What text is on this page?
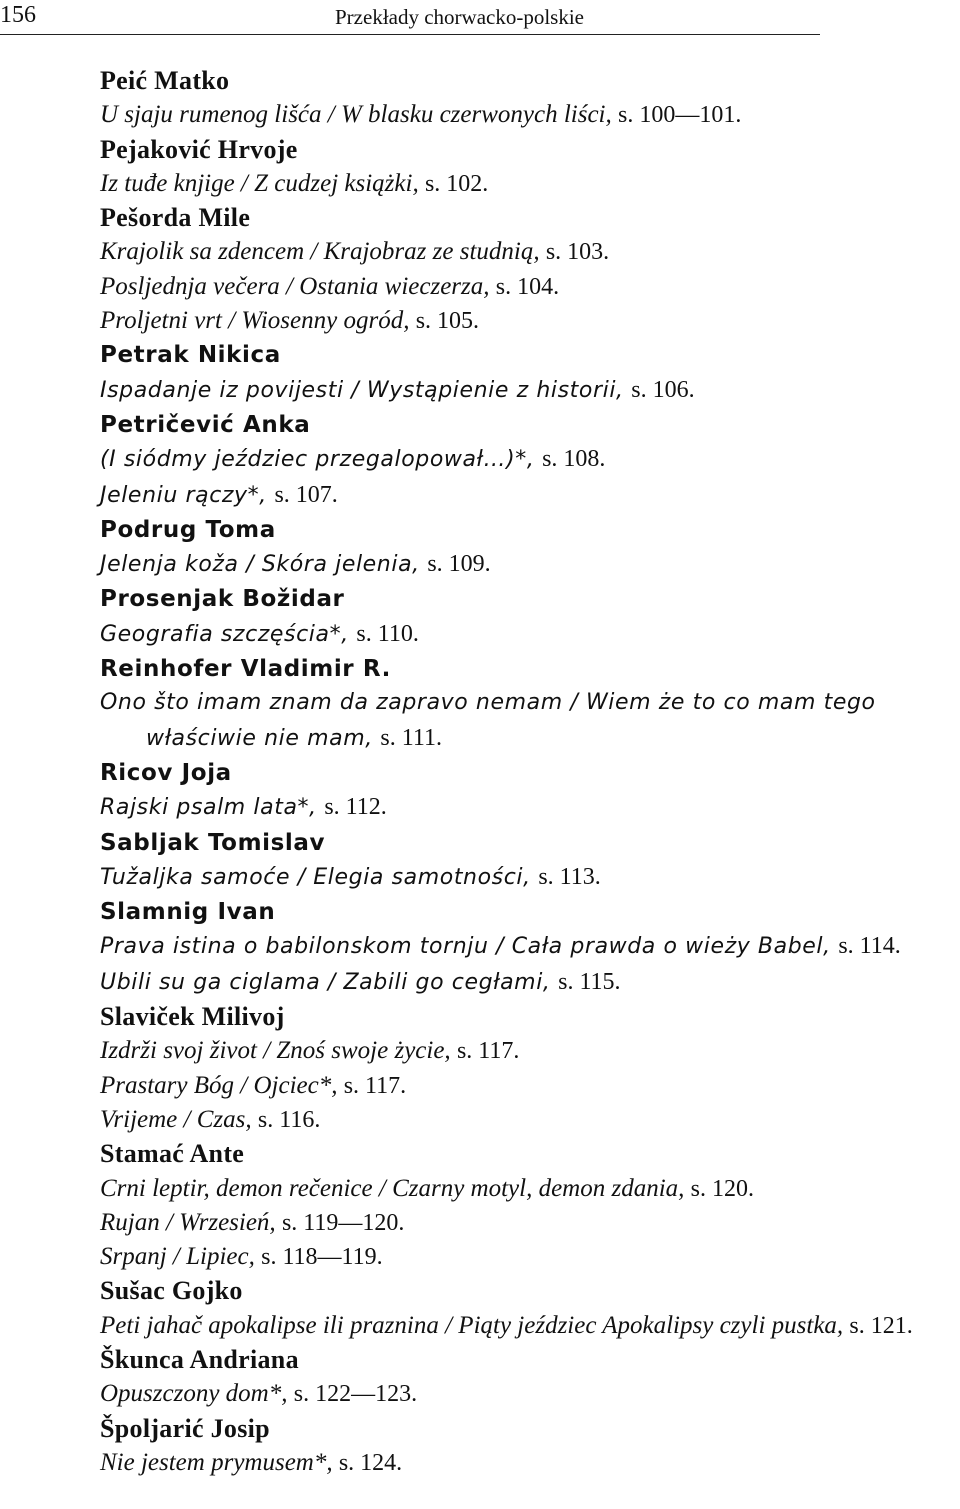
156	Przekłady chorwacko-polskie
Peić Matko
U sjaju rumenog lišća / W blasku czerwonych liści, s. 100—101.
Pejaković Hrvoje
Iz tuđe knjige / Z cudzej książki, s. 102.
Pešorda Mile
Krajolik sa zdencem / Krajobraz ze studnią, s. 103.
Posljednja večera / Ostania wieczerza, s. 104.
Proljetni vrt / Wiosenny ogród, s. 105.
Petrak Nikica
Ispadanje iz povijesti / Wystąpienie z historii, s. 106.
Petričević Anka
(I siódmy jeździec przegalopował…)*, s. 108.
Jeleniu rączy*, s. 107.
Podrug Toma
Jelenja koža / Skóra jelenia, s. 109.
Prosenjak Božidar
Geografia szczęścia*, s. 110.
Reinhofer Vladimir R.
Ono što imam znam da zapravo nemam / Wiem że to co mam tego właściwie nie mam, s. 111.
Ricov Joja
Rajski psalm lata*, s. 112.
Sabljak Tomislav
Tužaljka samoće / Elegia samotności, s. 113.
Slamnig Ivan
Prava istina o babilonskom tornju / Cała prawda o wieży Babel, s. 114.
Ubili su ga ciglama / Zabili go cegłami, s. 115.
Slaviček Milivoj
Izdrži svoj život / Znoś swoje życie, s. 117.
Prastary Bóg / Ojciec*, s. 117.
Vrijeme / Czas, s. 116.
Stamać Ante
Crni leptir, demon rečenice / Czarny motyl, demon zdania, s. 120.
Rujan / Wrzesień, s. 119—120.
Srpanj / Lipiec, s. 118—119.
Sušac Gojko
Peti jahač apokalipse ili praznina / Piąty jeździec Apokalipsy czyli pustka, s. 121.
Škunca Andriana
Opuszczony dom*, s. 122—123.
Špoljarić Josip
Nie jestem prymusem*, s. 124.
